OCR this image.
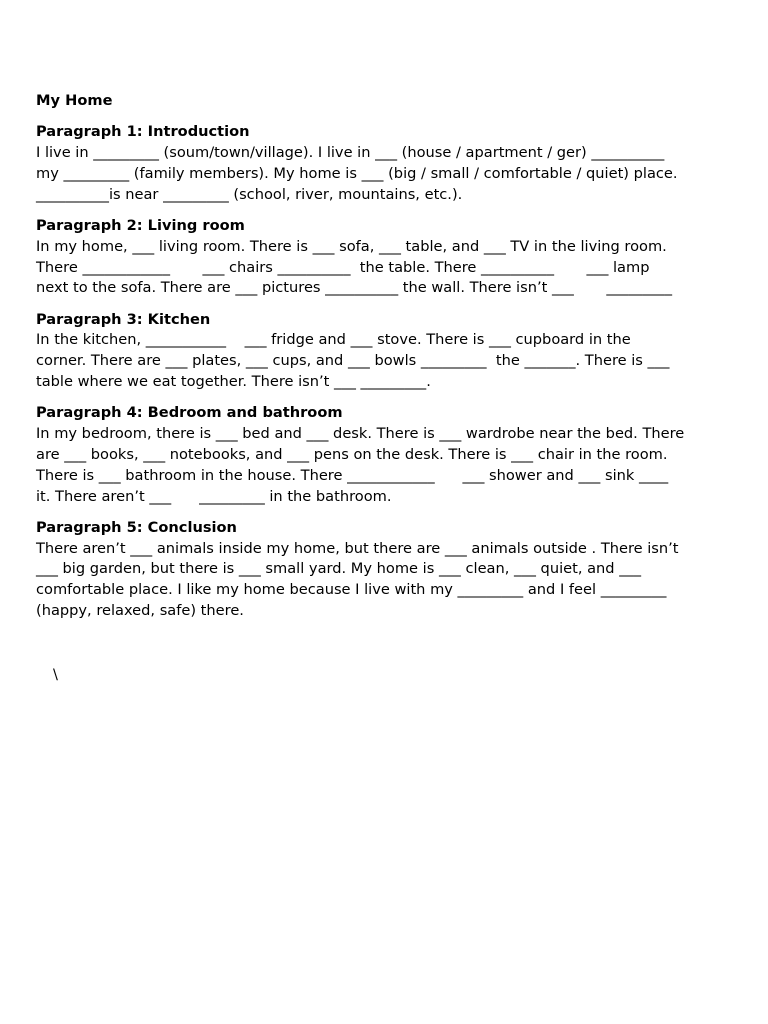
My Home
Paragraph 1: Introduction
I live in _________ (soum/town/village). I live in ___ (house / apartment / ger) __________
my _________ (family members). My home is ___ (big / small / comfortable / quiet) place.
__________is near _________ (school, river, mountains, etc.).
Paragraph 2: Living room
In my home, ___ living room. There is ___ sofa, ___ table, and ___ TV in the living room.
There ____________       ___ chairs __________  the table. There __________       ___ lamp
next to the sofa. There are ___ pictures __________ the wall. There isn’t ___       _________
Paragraph 3: Kitchen
In the kitchen, ___________    ___ fridge and ___ stove. There is ___ cupboard in the
corner. There are ___ plates, ___ cups, and ___ bowls _________  the _______. There is ___
table where we eat together. There isn’t ___ _________.
Paragraph 4: Bedroom and bathroom
In my bedroom, there is ___ bed and ___ desk. There is ___ wardrobe near the bed. There
are ___ books, ___ notebooks, and ___ pens on the desk. There is ___ chair in the room.
There is ___ bathroom in the house. There ____________      ___ shower and ___ sink ____
it. There aren’t ___      _________ in the bathroom.
Paragraph 5: Conclusion
There aren’t ___ animals inside my home, but there are ___ animals outside . There isn’t
___ big garden, but there is ___ small yard. My home is ___ clean, ___ quiet, and ___
comfortable place. I like my home because I live with my _________ and I feel _________
(happy, relaxed, safe) there.
\
